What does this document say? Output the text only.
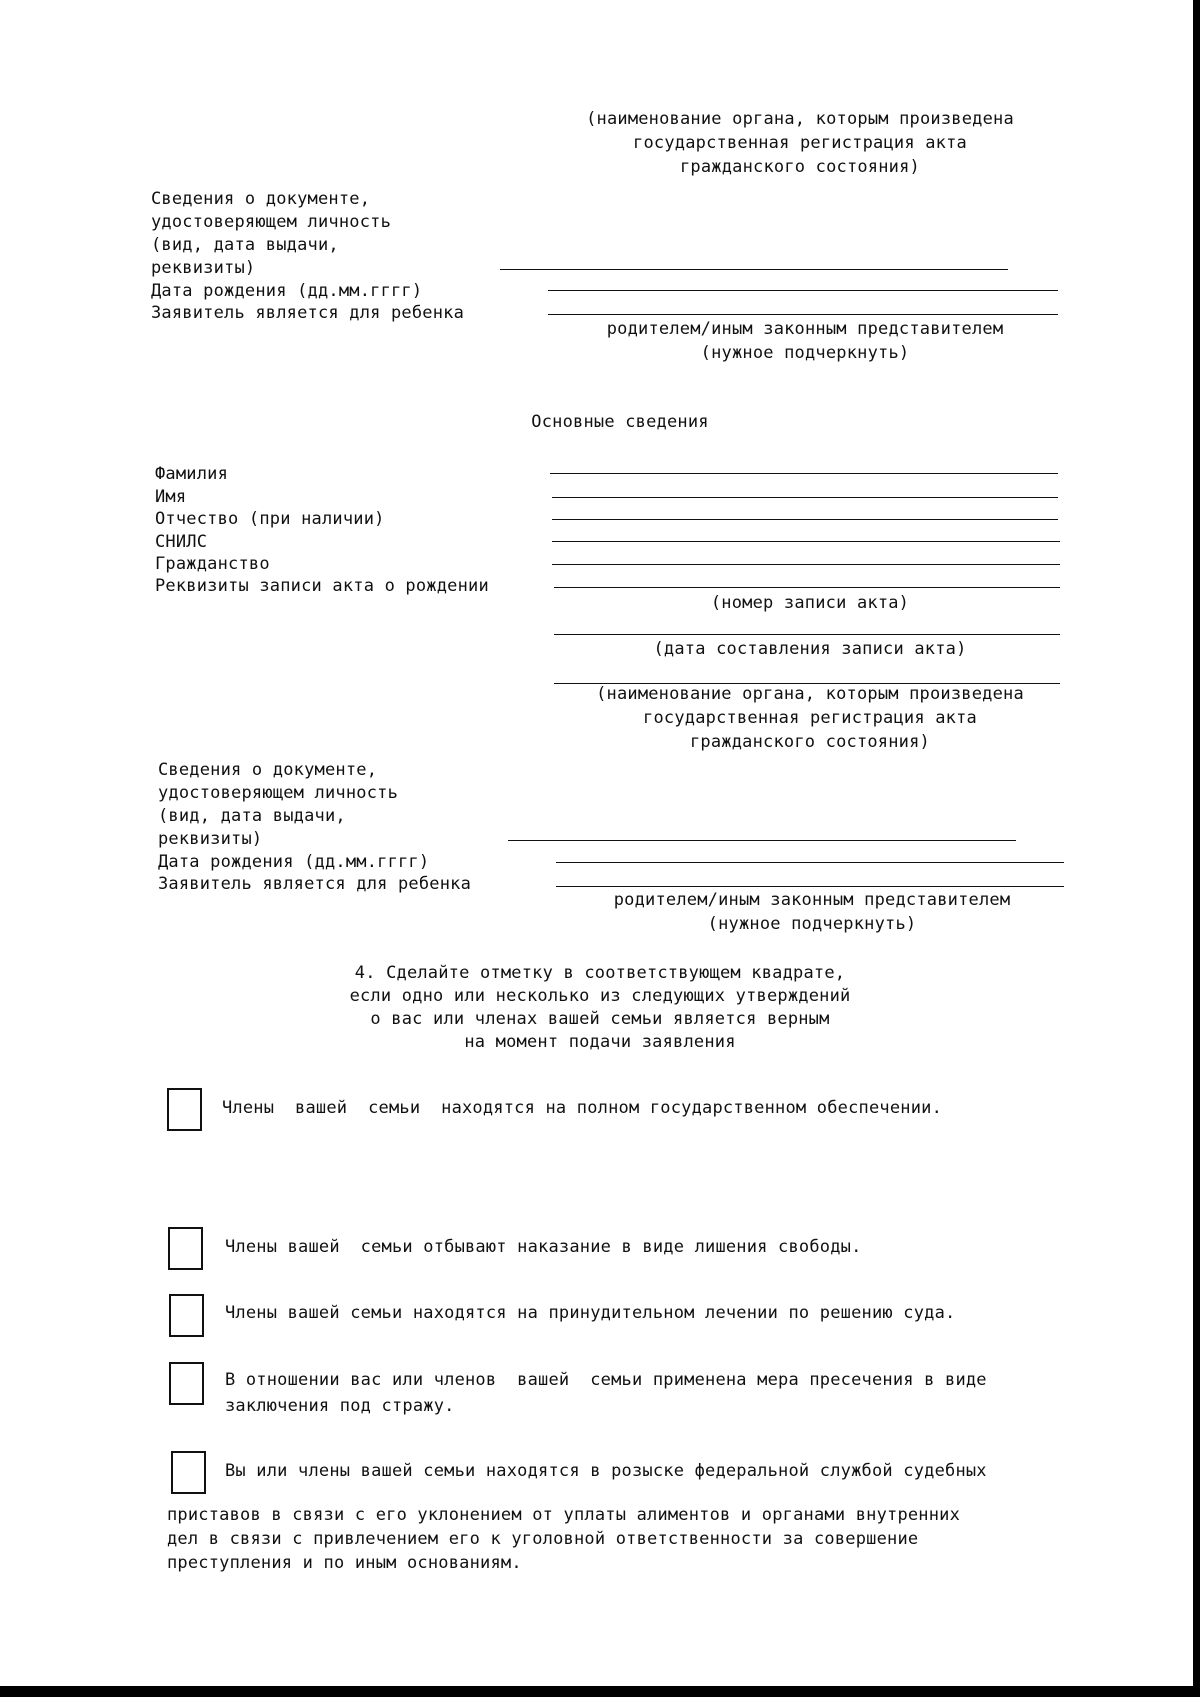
(наименование органа, которым произведена
государственная регистрация акта
гражданского состояния)
Сведения о документе,
удостоверяющем личность
(вид, дата выдачи,
реквизиты)
Дата рождения (дд.мм.гггг)
Заявитель является для ребенка
родителем/иным законным представителем
(нужное подчеркнуть)
Основные сведения
Фамилия
Имя
Отчество (при наличии)
СНИЛС
Гражданство
Реквизиты записи акта о рождении
(номер записи акта)
(дата составления записи акта)
(наименование органа, которым произведена
государственная регистрация акта
гражданского состояния)
Сведения о документе,
удостоверяющем личность
(вид, дата выдачи,
реквизиты)
Дата рождения (дд.мм.гггг)
Заявитель является для ребенка
родителем/иным законным представителем
(нужное подчеркнуть)
4. Сделайте отметку в соответствующем квадрате,
если одно или несколько из следующих утверждений
о вас или членах вашей семьи является верным
на момент подачи заявления
Члены  вашей  семьи  находятся на полном государственном обеспечении.
Члены вашей  семьи отбывают наказание в виде лишения свободы.
Члены вашей семьи находятся на принудительном лечении по решению суда.
В отношении вас или членов  вашей  семьи применена мера пресечения в виде
заключения под стражу.
Вы или члены вашей семьи находятся в розыске федеральной службой судебных
приставов в связи с его уклонением от уплаты алиментов и органами внутренних
дел в связи с привлечением его к уголовной ответственности за совершение
преступления и по иным основаниям.
